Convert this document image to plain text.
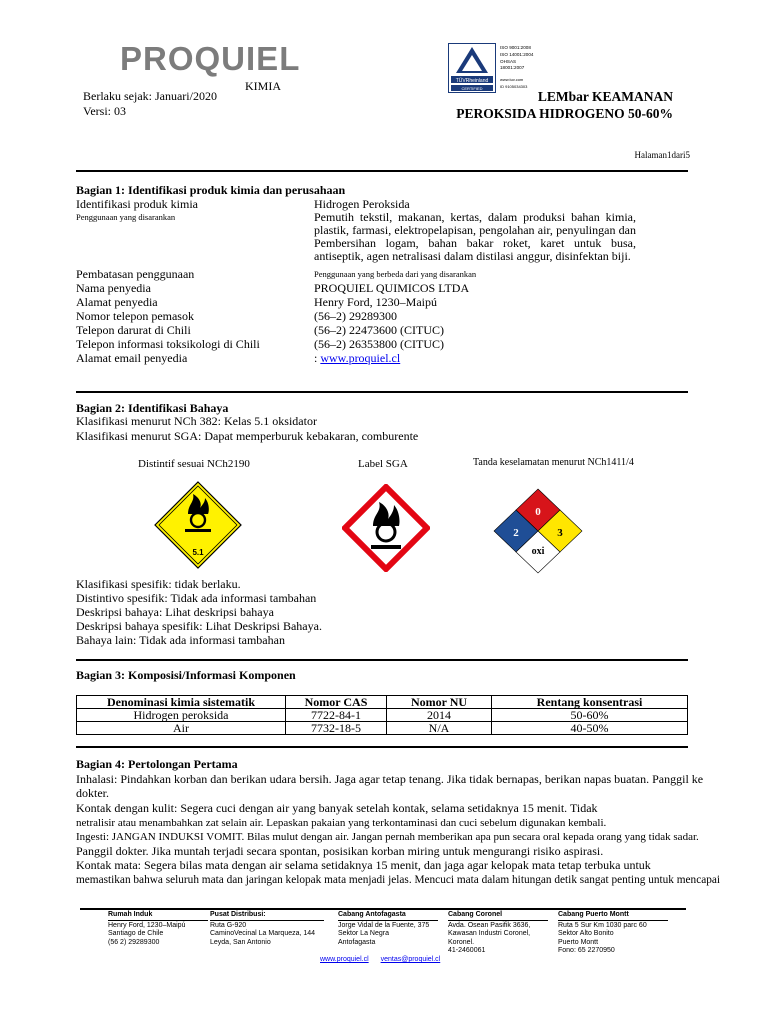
PROQUIEL
KIMIA
Berlaku sejak: Januari/2020
Versi: 03
TÜVRheinland
CERTIFIED
ISO 9001:2008
ISO 14001:2004
OHSAS
18001:2007
www.tuv.com
ID 9105034303
LEMbar KEAMANAN
PEROKSIDA HIDROGENO 50-60%
Halaman1dari5
Bagian 1: Identifikasi produk kimia dan perusahaan
Identifikasi produk kimia	Hidrogen Peroksida
Penggunaan yang disarankan	Pemutih tekstil, makanan, kertas, dalam produksi bahan kimia, plastik, farmasi, elektropelapisan, pengolahan air, penyulingan dan Pembersihan logam, bahan bakar roket, karet untuk busa, antiseptik, agen netralisasi dalam distilasi anggur, disinfektan biji.
Pembatasan penggunaan	Penggunaan yang berbeda dari yang disarankan
Nama penyedia	PROQUIEL QUIMICOS LTDA
Alamat penyedia	Henry Ford, 1230–Maipú
Nomor telepon pemasok	(56–2) 29289300
Telepon darurat di Chili	(56–2) 22473600 (CITUC)
Telepon informasi toksikologi di Chili	(56–2) 26353800 (CITUC)
Alamat email penyedia	: www.proquiel.cl
Bagian 2: Identifikasi Bahaya
Klasifikasi menurut NCh 382: Kelas 5.1 oksidator
Klasifikasi menurut SGA: Dapat memperburuk kebakaran, comburente
Distintif sesuai NCh2190	Label SGA	Tanda keselamatan menurut NCh1411/4
5.1
0
2	3
oxi
Klasifikasi spesifik: tidak berlaku.
Distintivo spesifik: Tidak ada informasi tambahan
Deskripsi bahaya: Lihat deskripsi bahaya
Deskripsi bahaya spesifik: Lihat Deskripsi Bahaya.
Bahaya lain: Tidak ada informasi tambahan
Bagian 3: Komposisi/Informasi Komponen
Denominasi kimia sistematik	Nomor CAS	Nomor NU	Rentang konsentrasi
Hidrogen peroksida	7722-84-1	2014	50-60%
Air	7732-18-5	N/A	40-50%
Bagian 4: Pertolongan Pertama
Inhalasi: Pindahkan korban dan berikan udara bersih. Jaga agar tetap tenang. Jika tidak bernapas, berikan napas buatan. Panggil ke
dokter.
Kontak dengan kulit: Segera cuci dengan air yang banyak setelah kontak, selama setidaknya 15 menit. Tidak
netralisir atau menambahkan zat selain air. Lepaskan pakaian yang terkontaminasi dan cuci sebelum digunakan kembali.
Ingesti: JANGAN INDUKSI VOMIT. Bilas mulut dengan air. Jangan pernah memberikan apa pun secara oral kepada orang yang tidak sadar.
Panggil dokter. Jika muntah terjadi secara spontan, posisikan korban miring untuk mengurangi risiko aspirasi.
Kontak mata: Segera bilas mata dengan air selama setidaknya 15 menit, dan jaga agar kelopak mata tetap terbuka untuk
memastikan bahwa seluruh mata dan jaringan kelopak mata menjadi jelas. Mencuci mata dalam hitungan detik sangat penting untuk mencapai
Rumah Induk
Henry Ford, 1230–Maipú
Santiago de Chile
(56 2) 29289300
Pusat Distribusi:
Ruta G-920
CaminoVecinal La Marqueza, 144
Leyda, San Antonio
Cabang Antofagasta
Jorge Vidal de la Fuente, 375
Sektor La Negra
Antofagasta
Cabang Coronel
Avda. Osean Pasifik 3636,
Kawasan Industri Coronel,
Koronel.
41-2460061
Cabang Puerto Montt
Ruta 5 Sur Km 1030 parc 60
Sektor Alto Bonito
Puerto Montt
Fono: 65 2270950
www.proquiel.cl ventas@proquiel.cl
